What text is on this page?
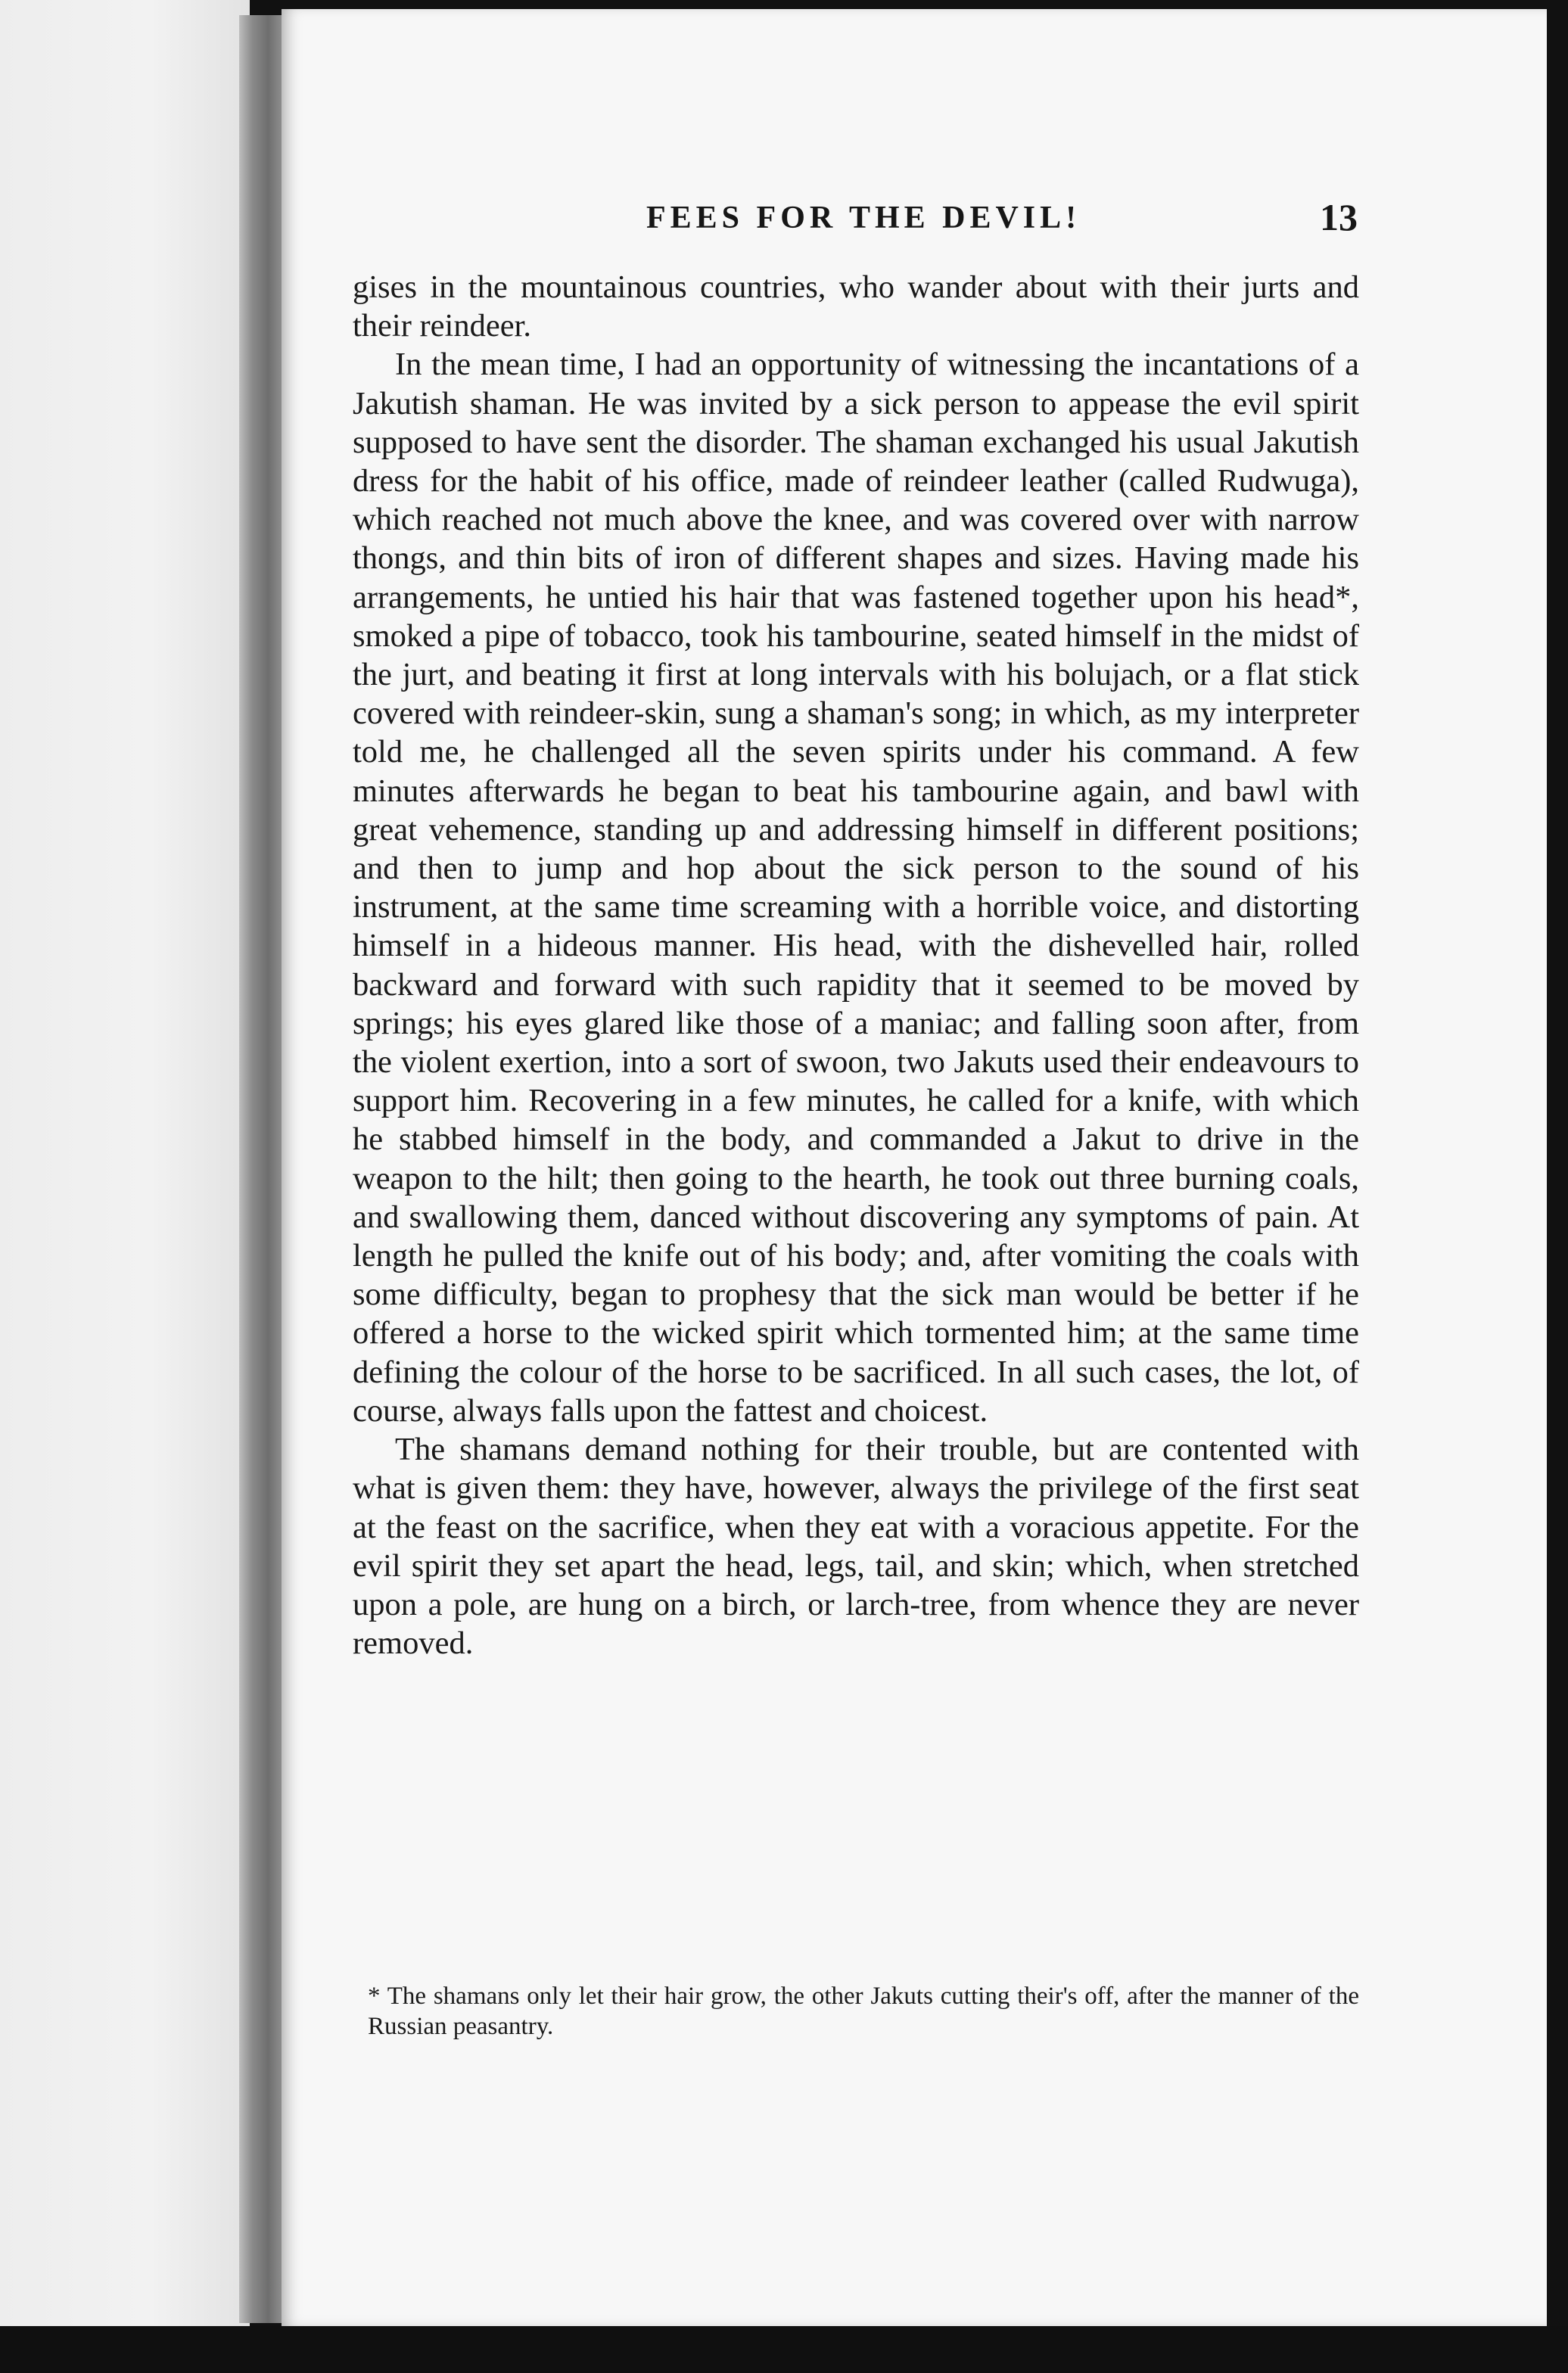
FEES FOR THE DEVIL!	13

gises in the mountainous countries, who wander about with their jurts and their reindeer.

In the mean time, I had an opportunity of witnessing the incantations of a Jakutish shaman. He was invited by a sick person to appease the evil spirit supposed to have sent the disorder. The shaman exchanged his usual Jakutish dress for the habit of his office, made of reindeer leather (called Rudwuga), which reached not much above the knee, and was covered over with narrow thongs, and thin bits of iron of different shapes and sizes. Having made his arrangements, he untied his hair that was fastened together upon his head*, smoked a pipe of tobacco, took his tambourine, seated himself in the midst of the jurt, and beating it first at long intervals with his bolujach, or a flat stick covered with reindeer-skin, sung a shaman's song; in which, as my interpreter told me, he challenged all the seven spirits under his command. A few minutes afterwards he began to beat his tambourine again, and bawl with great vehemence, standing up and addressing himself in different positions; and then to jump and hop about the sick person to the sound of his instrument, at the same time screaming with a horrible voice, and distorting himself in a hideous manner. His head, with the dishevelled hair, rolled backward and forward with such rapidity that it seemed to be moved by springs; his eyes glared like those of a maniac; and falling soon after, from the violent exertion, into a sort of swoon, two Jakuts used their endeavours to support him. Recovering in a few minutes, he called for a knife, with which he stabbed himself in the body, and commanded a Jakut to drive in the weapon to the hilt; then going to the hearth, he took out three burning coals, and swallowing them, danced without discovering any symptoms of pain. At length he pulled the knife out of his body; and, after vomiting the coals with some difficulty, began to prophesy that the sick man would be better if he offered a horse to the wicked spirit which tormented him; at the same time defining the colour of the horse to be sacrificed. In all such cases, the lot, of course, always falls upon the fattest and choicest.

The shamans demand nothing for their trouble, but are contented with what is given them: they have, however, always the privilege of the first seat at the feast on the sacrifice, when they eat with a voracious appetite. For the evil spirit they set apart the head, legs, tail, and skin; which, when stretched upon a pole, are hung on a birch, or larch-tree, from whence they are never removed.

* The shamans only let their hair grow, the other Jakuts cutting their's off, after the manner of the Russian peasantry.
